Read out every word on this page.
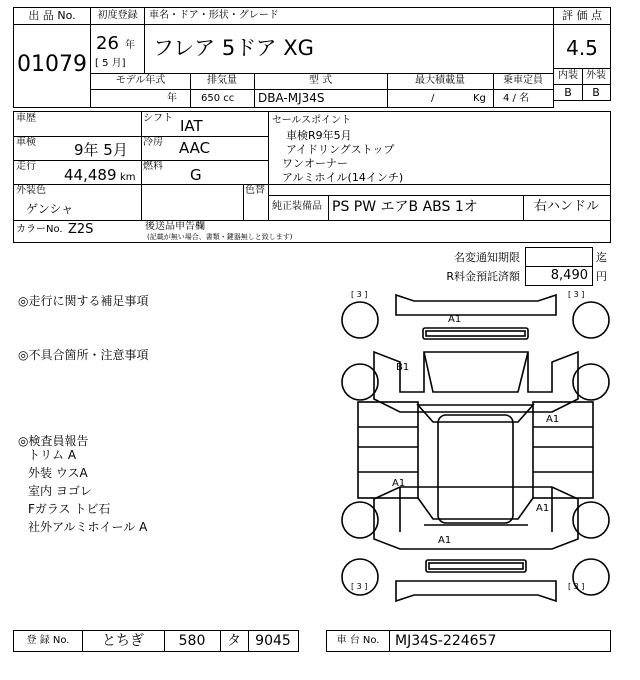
出 品 No.
01079
初度登録	車名・ドア・形状・グレード
26 年
[ 5 月]
フレア 5ドア XG
評 価 点
4.5
内装 外装
B	B
モデル年式	排気量	型 式	最大積載量	乗車定員
年 650 cc DBA-MJ34S	/	Kg 4 / 名
車歴
車検	9年 5月
走行 44,489 km
シフト IAT
冷房 AAC
燃料 G
セールスポイント
車検R9年5月
アイドリングストップ
ワンオーナー
アルミホイル(14インチ)
外装色
ゲンシャ
色替
純正装備品 PS PW エアB ABS 1オ	右ハンドル
カラーNo. Z2S	後送品申告欄
(記載が無い場合、書類・鍵器無しと致します)
名変通知期限	迄
R料金預託済額	8,490 円
◎走行に関する補足事項
◎不具合箇所・注意事項
◎検査員報告
トリム A
外装 ウスA
室内 ヨゴレ
Fガラス トビ石
社外アルミホイール A
[ 3 ]	[ 3 ]
[ 3 ]	[ 3 ]
A1
B1
A1
A1
A1
A1
登 録 No.	とちぎ	580	タ	9045	車 台 No.	MJ34S-224657
